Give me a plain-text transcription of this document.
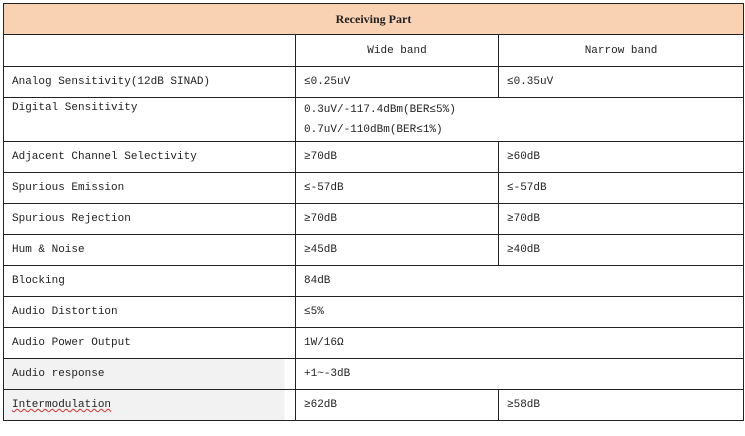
Receiving Part		
	Wide band	Narrow band
Analog Sensitivity(12dB SINAD)	≤0.25uV	≤0.35uV
Digital Sensitivity	0.3uV/-117.4dBm(BER≤5%)
0.7uV/-110dBm(BER≤1%)	

Adjacent Channel Selectivity	≥70dB	≥60dB
Spurious Emission	≤-57dB	≤-57dB
Spurious Rejection	≥70dB	≥70dB
Hum & Noise	≥45dB	≥40dB
Blocking	84dB	
Audio Distortion	≤5%	
Audio Power Output	1W/16Ω	
Audio response	+1~-3dB	
Intermodulation	≥62dB	≥58dB
